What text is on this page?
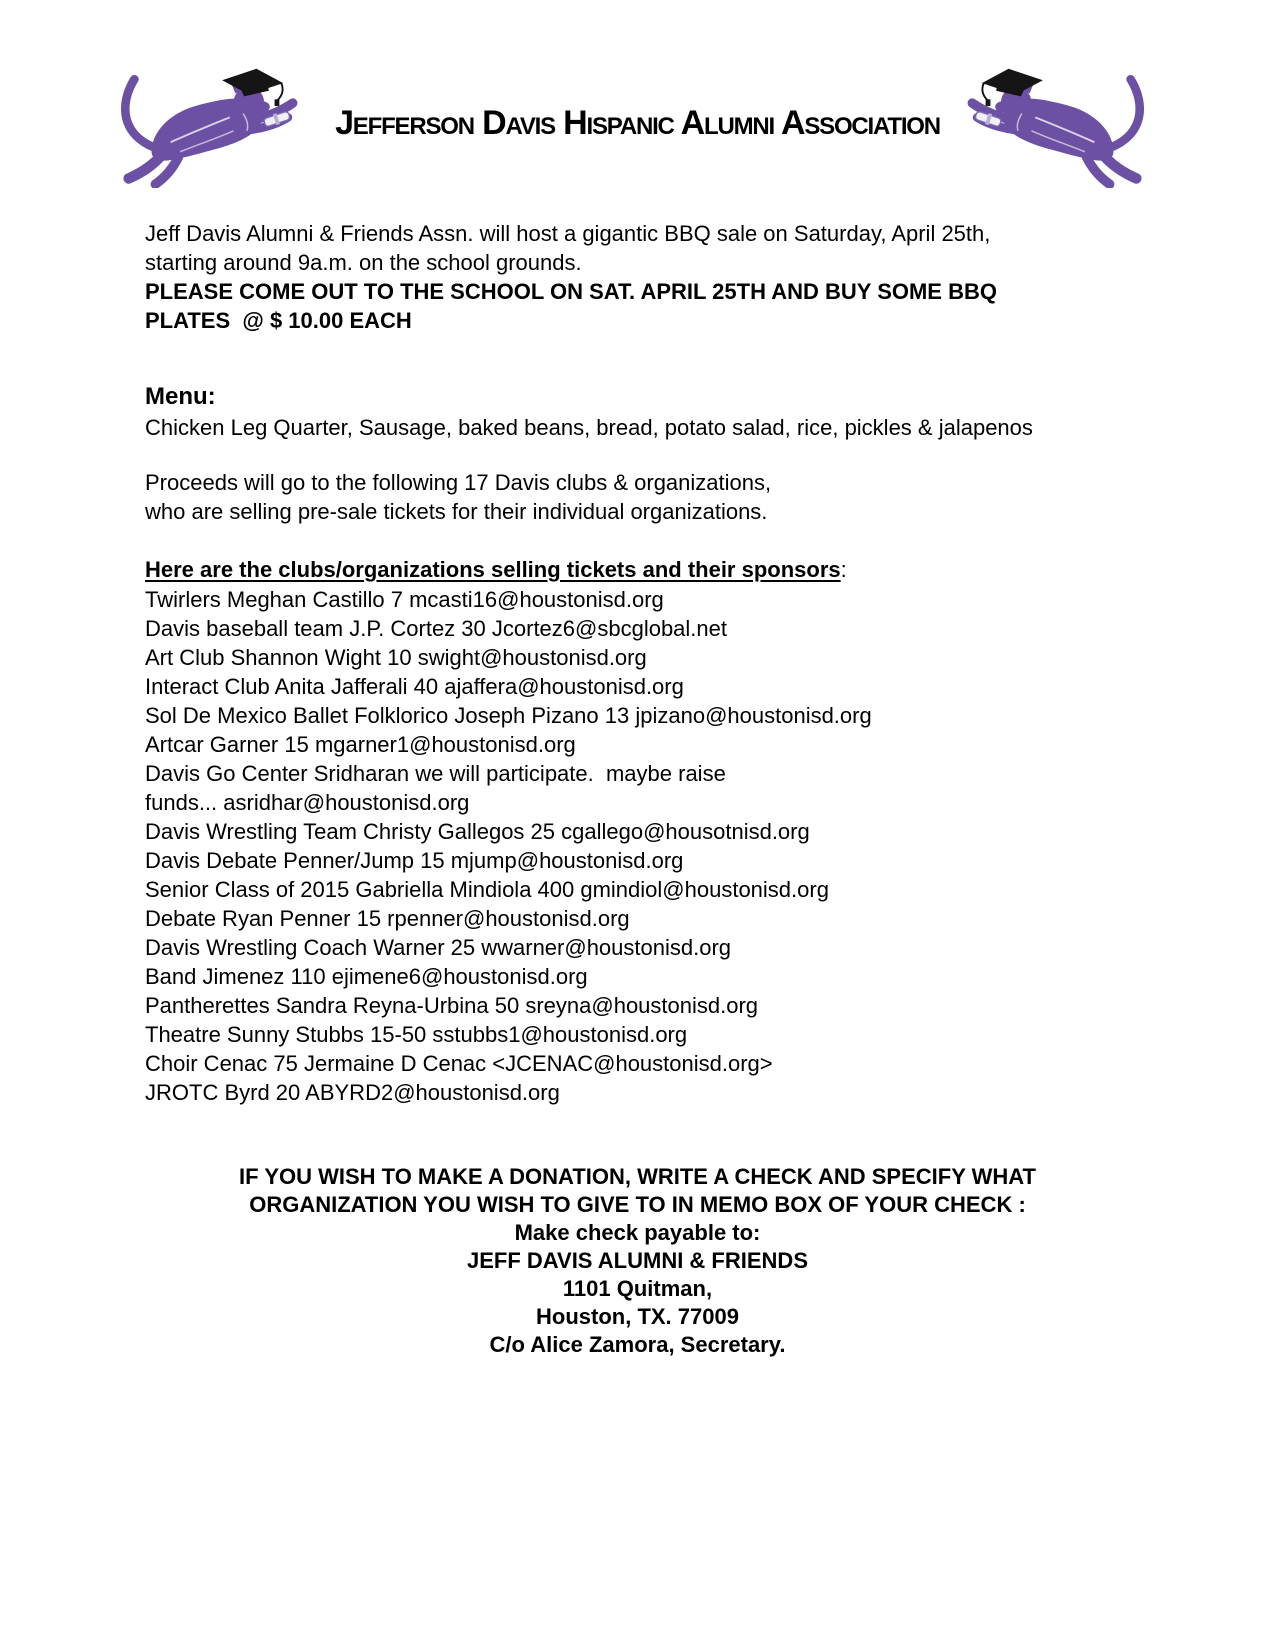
Jefferson Davis Hispanic Alumni Association
Jeff Davis Alumni & Friends Assn. will host a gigantic BBQ sale on Saturday, April 25th,
starting around 9a.m. on the school grounds.
PLEASE COME OUT TO THE SCHOOL ON SAT. APRIL 25TH AND BUY SOME BBQ
PLATES  @ $ 10.00 EACH
Menu:
Chicken Leg Quarter, Sausage, baked beans, bread, potato salad, rice, pickles & jalapenos
Proceeds will go to the following 17 Davis clubs & organizations,
who are selling pre-sale tickets for their individual organizations.
Here are the clubs/organizations selling tickets and their sponsors:
Twirlers Meghan Castillo 7 mcasti16@houstonisd.org
Davis baseball team J.P. Cortez 30 Jcortez6@sbcglobal.net
Art Club Shannon Wight 10 swight@houstonisd.org
Interact Club Anita Jafferali 40 ajaffera@houstonisd.org
Sol De Mexico Ballet Folklorico Joseph Pizano 13 jpizano@houstonisd.org
Artcar Garner 15 mgarner1@houstonisd.org
Davis Go Center Sridharan we will participate.  maybe raise
funds... asridhar@houstonisd.org
Davis Wrestling Team Christy Gallegos 25 cgallego@housotnisd.org
Davis Debate Penner/Jump 15 mjump@houstonisd.org
Senior Class of 2015 Gabriella Mindiola 400 gmindiol@houstonisd.org
Debate Ryan Penner 15 rpenner@houstonisd.org
Davis Wrestling Coach Warner 25 wwarner@houstonisd.org
Band Jimenez 110 ejimene6@houstonisd.org
Pantherettes Sandra Reyna-Urbina 50 sreyna@houstonisd.org
Theatre Sunny Stubbs 15-50 sstubbs1@houstonisd.org
Choir Cenac 75 Jermaine D Cenac <JCENAC@houstonisd.org>
JROTC Byrd 20 ABYRD2@houstonisd.org
IF YOU WISH TO MAKE A DONATION, WRITE A CHECK AND SPECIFY WHAT
ORGANIZATION YOU WISH TO GIVE TO IN MEMO BOX OF YOUR CHECK :
Make check payable to:
JEFF DAVIS ALUMNI & FRIENDS
1101 Quitman,
Houston, TX. 77009
C/o Alice Zamora, Secretary.
